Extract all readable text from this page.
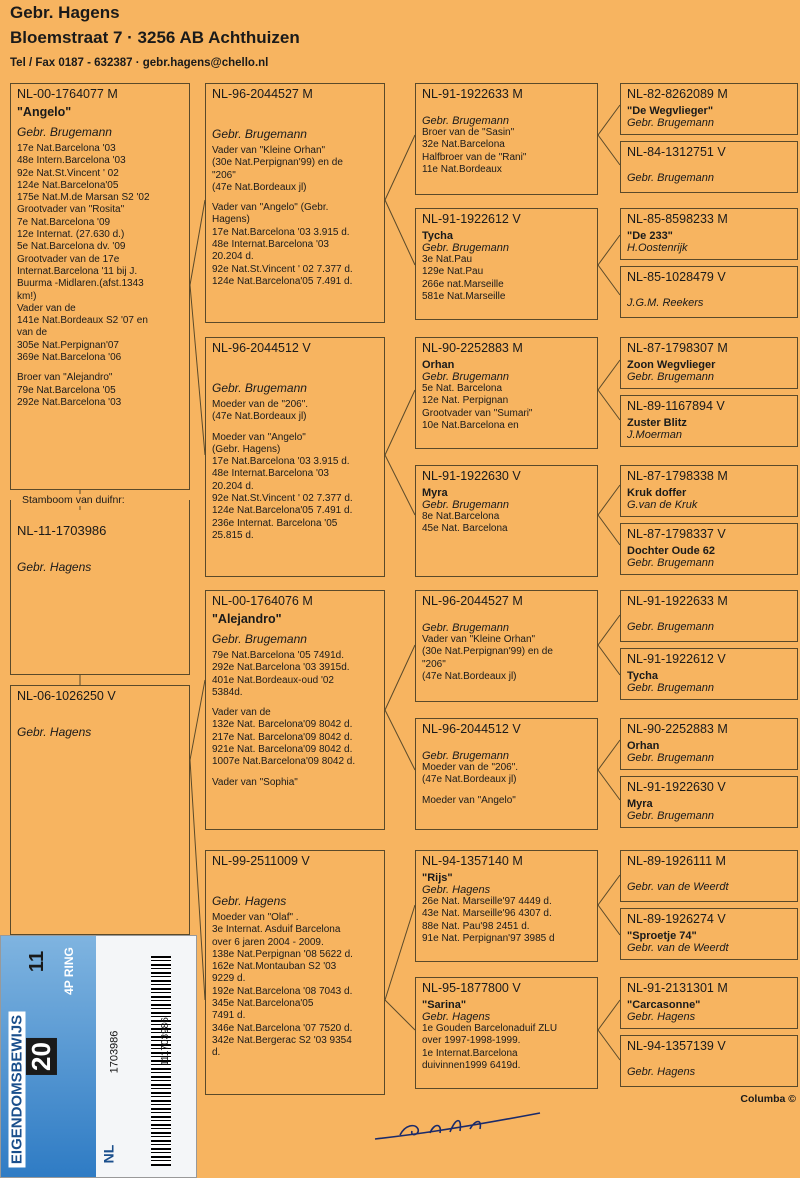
Gebr. Hagens
Bloemstraat 7 · 3256 AB Achthuizen
Tel / Fax 0187 - 632387 · gebr.hagens@chello.nl
NL-00-1764077 M
"Angelo"
Gebr. Brugemann
17e Nat.Barcelona '03
48e Intern.Barcelona '03
92e Nat.St.Vincent ' 02
124e Nat.Barcelona'05
175e Nat.M.de Marsan S2 '02
Grootvader van "Rosita"
7e Nat.Barcelona '09
12e Internat. (27.630 d.)
5e Nat.Barcelona dv. '09
Grootvader van de 17e
Internat.Barcelona '11 bij J.
Buurma -Midlaren.(afst.1343
km!)
Vader van de
141e Nat.Bordeaux S2 '07 en
van de
305e Nat.Perpignan'07
369e Nat.Barcelona '06
Broer van "Alejandro"
79e Nat.Barcelona '05
292e Nat.Barcelona '03
NL-11-1703986
Gebr. Hagens
Stamboom van duifnr:
NL-06-1026250 V
Gebr. Hagens
NL-96-2044527 M
Gebr. Brugemann
Vader van "Kleine Orhan"
(30e Nat.Perpignan'99) en de
"206"
(47e Nat.Bordeaux jl)
Vader van "Angelo" (Gebr.
Hagens)
17e Nat.Barcelona '03 3.915 d.
48e Internat.Barcelona '03
20.204 d.
92e Nat.St.Vincent ' 02 7.377 d.
124e Nat.Barcelona'05 7.491 d.
NL-96-2044512 V
Gebr. Brugemann
Moeder van de "206".
(47e Nat.Bordeaux jl)
Moeder van "Angelo"
(Gebr. Hagens)
17e Nat.Barcelona '03 3.915 d.
48e Internat.Barcelona '03
20.204 d.
92e Nat.St.Vincent ' 02 7.377 d.
124e Nat.Barcelona'05 7.491 d.
236e Internat. Barcelona '05
25.815 d.
NL-00-1764076 M
"Alejandro"
Gebr. Brugemann
79e Nat.Barcelona '05 7491d.
292e Nat.Barcelona '03 3915d.
401e Nat.Bordeaux-oud '02
5384d.
Vader van de
132e Nat. Barcelona'09 8042 d.
217e Nat. Barcelona'09 8042 d.
921e Nat. Barcelona'09 8042 d.
1007e Nat.Barcelona'09 8042 d.
Vader van "Sophia"
NL-99-2511009 V
Gebr. Hagens
Moeder van "Olaf" .
3e Internat. Asduif Barcelona
over 6 jaren 2004 - 2009.
138e Nat.Perpignan '08 5622 d.
162e Nat.Montauban S2 '03
9229 d.
192e Nat.Barcelona '08 7043 d.
345e Nat.Barcelona'05
7491 d.
346e Nat.Barcelona '07 7520 d.
342e Nat.Bergerac S2 '03 9354
d.
NL-91-1922633 M
Gebr. Brugemann
Broer van de "Sasin"
32e Nat.Barcelona
Halfbroer van de "Rani"
11e Nat.Bordeaux
NL-91-1922612 V
Tycha
Gebr. Brugemann
3e Nat.Pau
129e Nat.Pau
266e nat.Marseille
581e Nat.Marseille
NL-90-2252883 M
Orhan
Gebr. Brugemann
5e Nat. Barcelona
12e Nat. Perpignan
Grootvader van "Sumari"
10e Nat.Barcelona en
NL-91-1922630 V
Myra
Gebr. Brugemann
8e Nat.Barcelona
45e Nat. Barcelona
NL-96-2044527 M
Gebr. Brugemann
Vader van "Kleine Orhan"
(30e Nat.Perpignan'99) en de
"206"
(47e Nat.Bordeaux jl)
NL-96-2044512 V
Gebr. Brugemann
Moeder van de "206".
(47e Nat.Bordeaux jl)
Moeder van "Angelo"
NL-94-1357140 M
"Rijs"
Gebr. Hagens
26e Nat. Marseille'97 4449 d.
43e Nat. Marseille'96 4307 d.
88e Nat. Pau'98 2451 d.
91e Nat. Perpignan'97 3985 d
NL-95-1877800 V
"Sarina"
Gebr. Hagens
1e Gouden Barcelonaduif ZLU
over 1997-1998-1999.
1e Internat.Barcelona
duivinnen1999 6419d.
NL-82-8262089 M
"De Wegvlieger"
Gebr. Brugemann
NL-84-1312751 V
Gebr. Brugemann
NL-85-8598233 M
"De 233"
H.Oostenrijk
NL-85-1028479 V
J.G.M. Reekers
NL-87-1798307 M
Zoon Wegvlieger
Gebr. Brugemann
NL-89-1167894 V
Zuster Blitz
J.Moerman
NL-87-1798338 M
Kruk doffer
G.van de Kruk
NL-87-1798337 V
Dochter Oude 62
Gebr. Brugemann
NL-91-1922633 M
Gebr. Brugemann
NL-91-1922612 V
Tycha
Gebr. Brugemann
NL-90-2252883 M
Orhan
Gebr. Brugemann
NL-91-1922630 V
Myra
Gebr. Brugemann
NL-89-1926111 M
Gebr. van de Weerdt
NL-89-1926274 V
"Sproetje 74"
Gebr. van de Weerdt
NL-91-2131301 M
"Carcasonne"
Gebr. Hagens
NL-94-1357139 V
Gebr. Hagens
Columba ©
EIGENDOMSBEWIJS
4P RING
20
11
NL
1703986	111703986
